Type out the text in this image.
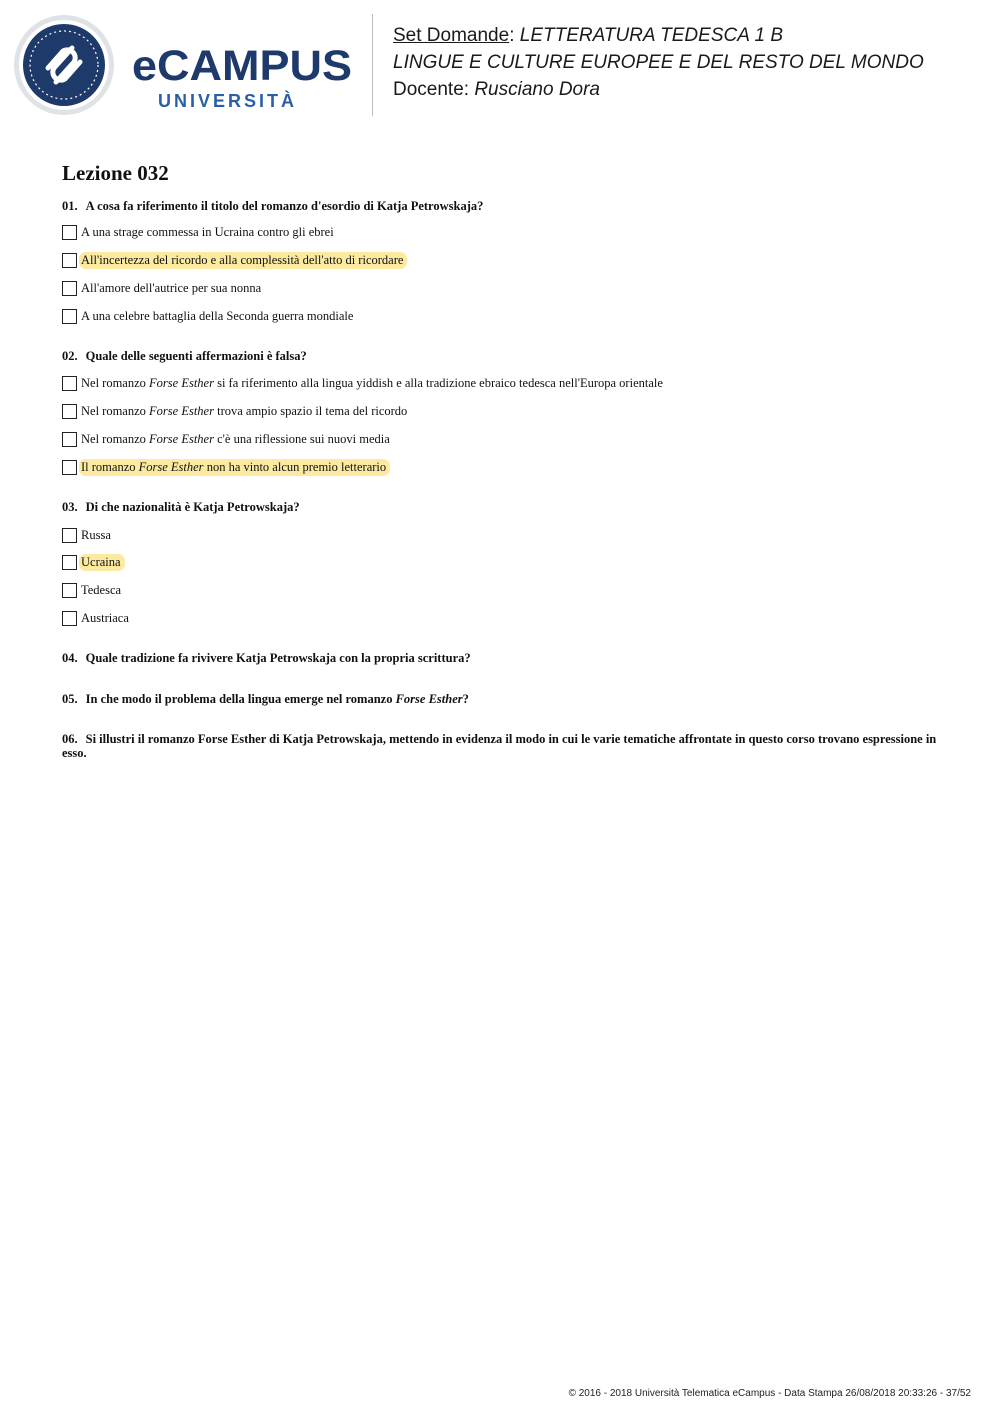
eCAMPUS
UNIVERSITÀ
Set Domande: LETTERATURA TEDESCA 1 B
LINGUE E CULTURE EUROPEE E DEL RESTO DEL MONDO
Docente: Rusciano Dora
Lezione 032
01. A cosa fa riferimento il titolo del romanzo d'esordio di Katja Petrowskaja?
A una strage commessa in Ucraina contro gli ebrei
All'incertezza del ricordo e alla complessità dell'atto di ricordare
All'amore dell'autrice per sua nonna
A una celebre battaglia della Seconda guerra mondiale
02. Quale delle seguenti affermazioni è falsa?
Nel romanzo Forse Esther si fa riferimento alla lingua yiddish e alla tradizione ebraico tedesca nell'Europa orientale
Nel romanzo Forse Esther trova ampio spazio il tema del ricordo
Nel romanzo Forse Esther c'è una riflessione sui nuovi media
Il romanzo Forse Esther non ha vinto alcun premio letterario
03. Di che nazionalità è Katja Petrowskaja?
Russa
Ucraina
Tedesca
Austriaca
04. Quale tradizione fa rivivere Katja Petrowskaja con la propria scrittura?
05. In che modo il problema della lingua emerge nel romanzo Forse Esther?
06. Si illustri il romanzo Forse Esther di Katja Petrowskaja, mettendo in evidenza il modo in cui le varie tematiche affrontate in questo corso trovano espressione in esso.
© 2016 - 2018 Università Telematica eCampus - Data Stampa 26/08/2018 20:33:26 - 37/52
